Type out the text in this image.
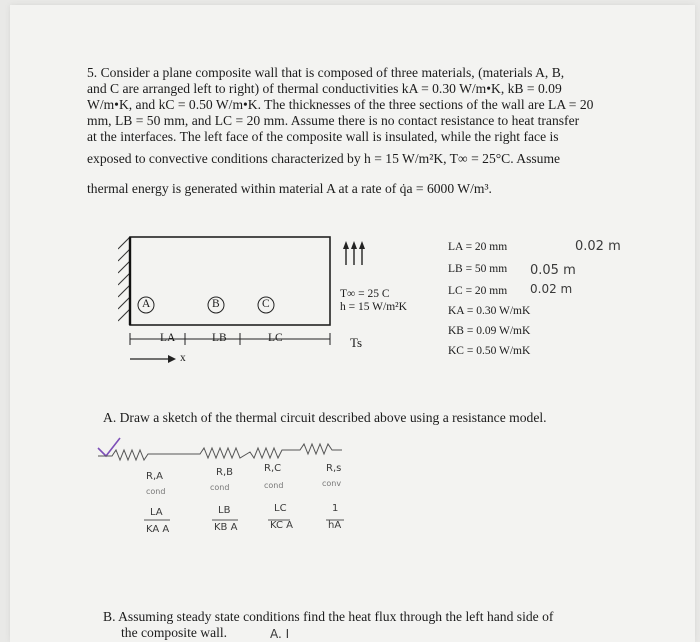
5. Consider a plane composite wall that is composed of three materials, (materials A, B,
and C are arranged left to right) of thermal conductivities kA = 0.30 W/m•K, kB = 0.09
W/m•K, and kC = 0.50 W/m•K. The thicknesses of the three sections of the wall are LA = 20
mm, LB = 50 mm, and LC = 20 mm. Assume there is no contact resistance to heat transfer
at the interfaces. The left face of the composite wall is insulated, while the right face is
exposed to convective conditions characterized by h = 15 W/m²K, T∞ = 25°C. Assume
thermal energy is generated within material A at a rate of q̇a = 6000 W/m³.
A	B	C
LA	LB	LC
x
T∞ = 25 C
h = 15 W/m²K
Ts
LA = 20 mm
LB = 50 mm
LC = 20 mm
KA = 0.30 W/mK
KB = 0.09 W/mK
KC = 0.50 W/mK
0.02 m
0.05 m
0.02 m
A. Draw a sketch of the thermal circuit described above using a resistance model.
R,A	R,B	R,C	R,s
cond	cond	cond	conv
LA	LB	LC	1
KA A	KB A	KC A	hA
B. Assuming steady state conditions find the heat flux through the left hand side of
the composite wall.	A. I
